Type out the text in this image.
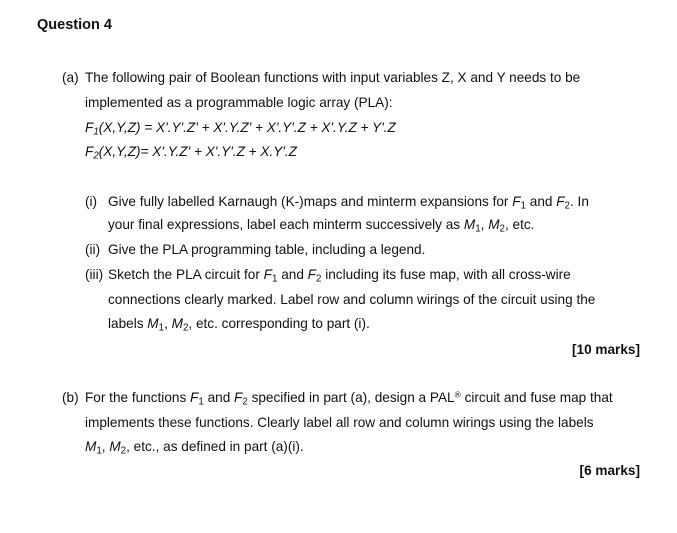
Question 4
(a) The following pair of Boolean functions with input variables Z, X and Y needs to be
implemented as a programmable logic array (PLA):
$F_1(X,Y,Z) = X'.Y'.Z' + X'.Y.Z' + X'.Y'.Z + X'.Y.Z + Y'.Z$
$F_2(X,Y,Z)= X'.Y.Z' + X'.Y'.Z + X.Y'.Z$
(i) Give fully labelled Karnaugh (K-)maps and minterm expansions for $F_1$ and $F_2$. In
your final expressions, label each minterm successively as $M_1$, $M_2$, etc.
(ii) Give the PLA programming table, including a legend.
(iii) Sketch the PLA circuit for $F_1$ and $F_2$ including its fuse map, with all cross-wire
connections clearly marked. Label row and column wirings of the circuit using the
labels $M_1$, $M_2$, etc. corresponding to part (i).
[10 marks]
(b) For the functions $F_1$ and $F_2$ specified in part (a), design a PAL® circuit and fuse map that
implements these functions. Clearly label all row and column wirings using the labels
$M_1$, $M_2$, etc., as defined in part (a)(i).
[6 marks]
